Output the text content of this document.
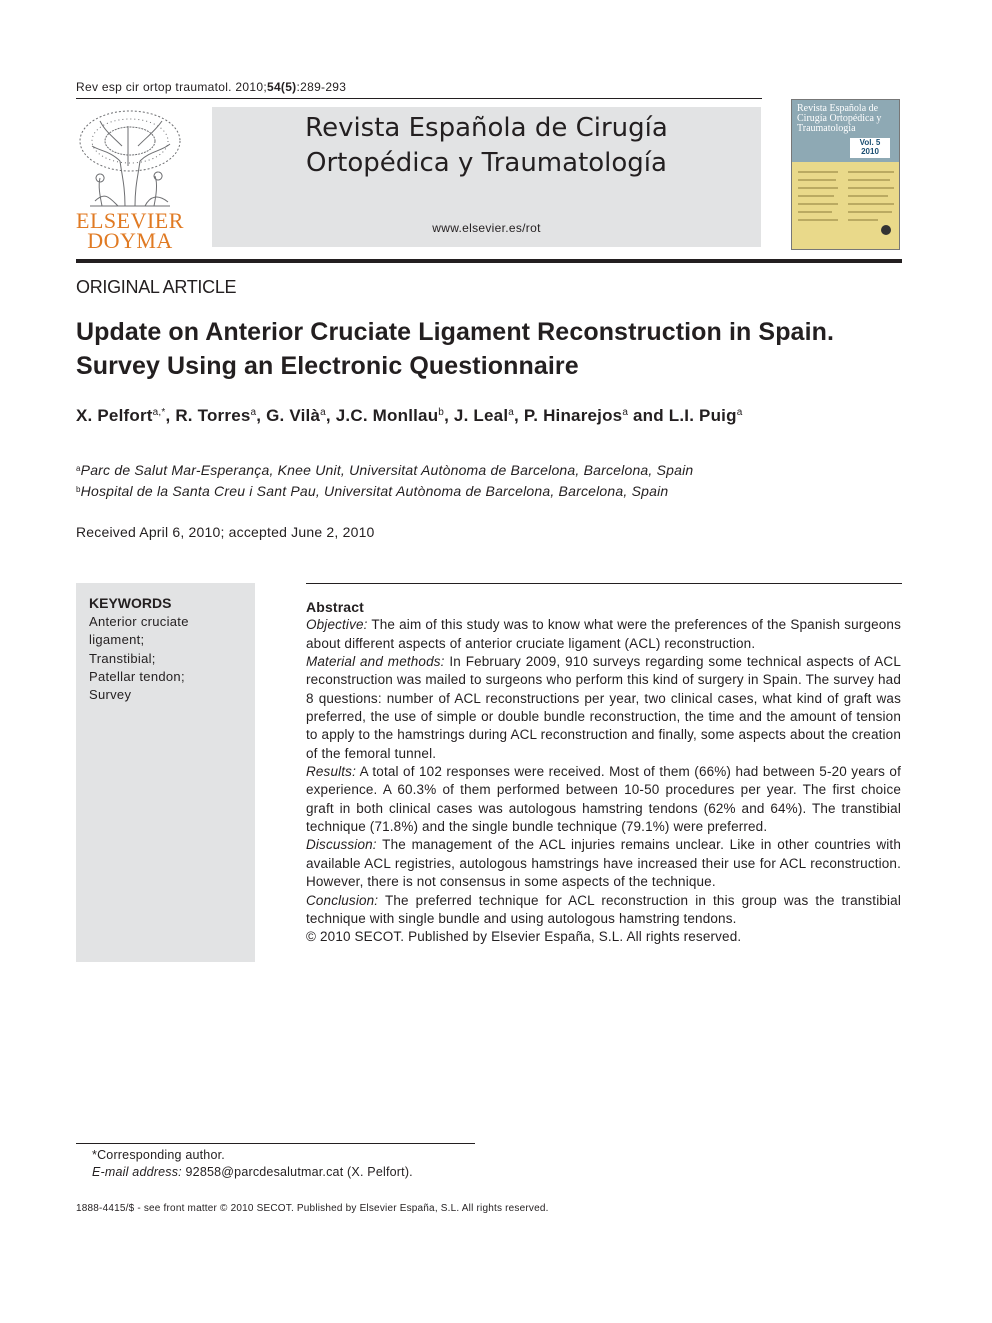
Rev esp cir ortop traumatol. 2010;54(5):289-293
ELSEVIER
DOYMA
Revista Española de Cirugía
Ortopédica y Traumatología
www.elsevier.es/rot
Revista Española de Cirugía Ortopédica y Traumatología
Vol. 5 2010
ORIGINAL ARTICLE
Update on Anterior Cruciate Ligament Reconstruction in Spain.
Survey Using an Electronic Questionnaire
X. Pelfort$^{a,*}$, R. Torres$^a$, G. Vilà$^a$, J.C. Monllau$^b$, J. Leal$^a$, P. Hinarejos$^a$ and L.I. Puig$^a$
$^a$Parc de Salut Mar-Esperança, Knee Unit, Universitat Autònoma de Barcelona, Barcelona, Spain
$^b$Hospital de la Santa Creu i Sant Pau, Universitat Autònoma de Barcelona, Barcelona, Spain
Received April 6, 2010; accepted June 2, 2010
KEYWORDS
Anterior cruciate
ligament;
Transtibial;
Patellar tendon;
Survey
Abstract

Objective: The aim of this study was to know what were the preferences of the Spanish surgeons about different aspects of anterior cruciate ligament (ACL) reconstruction.

Material and methods: In February 2009, 910 surveys regarding some technical aspects of ACL reconstruction was mailed to surgeons who perform this kind of surgery in Spain. The survey had 8 questions: number of ACL reconstructions per year, two clinical cases, what kind of graft was preferred, the use of simple or double bundle reconstruction, the time and the amount of tension to apply to the hamstrings during ACL reconstruction and finally, some aspects about the creation of the femoral tunnel.

Results: A total of 102 responses were received. Most of them (66%) had between 5-20 years of experience. A 60.3% of them performed between 10-50 procedures per year. The first choice graft in both clinical cases was autologous hamstring tendons (62% and 64%). The transtibial technique (71.8%) and the single bundle technique (79.1%) were preferred.

Discussion: The management of the ACL injuries remains unclear. Like in other countries with available ACL registries, autologous hamstrings have increased their use for ACL reconstruction. However, there is not consensus in some aspects of the technique.

Conclusion: The preferred technique for ACL reconstruction in this group was the transtibial technique with single bundle and using autologous hamstring tendons.

© 2010 SECOT. Published by Elsevier España, S.L. All rights reserved.

*Corresponding author.
E-mail address: 92858@parcdesalutmar.cat (X. Pelfort).
1888-4415/$ - see front matter © 2010 SECOT. Published by Elsevier España, S.L. All rights reserved.
